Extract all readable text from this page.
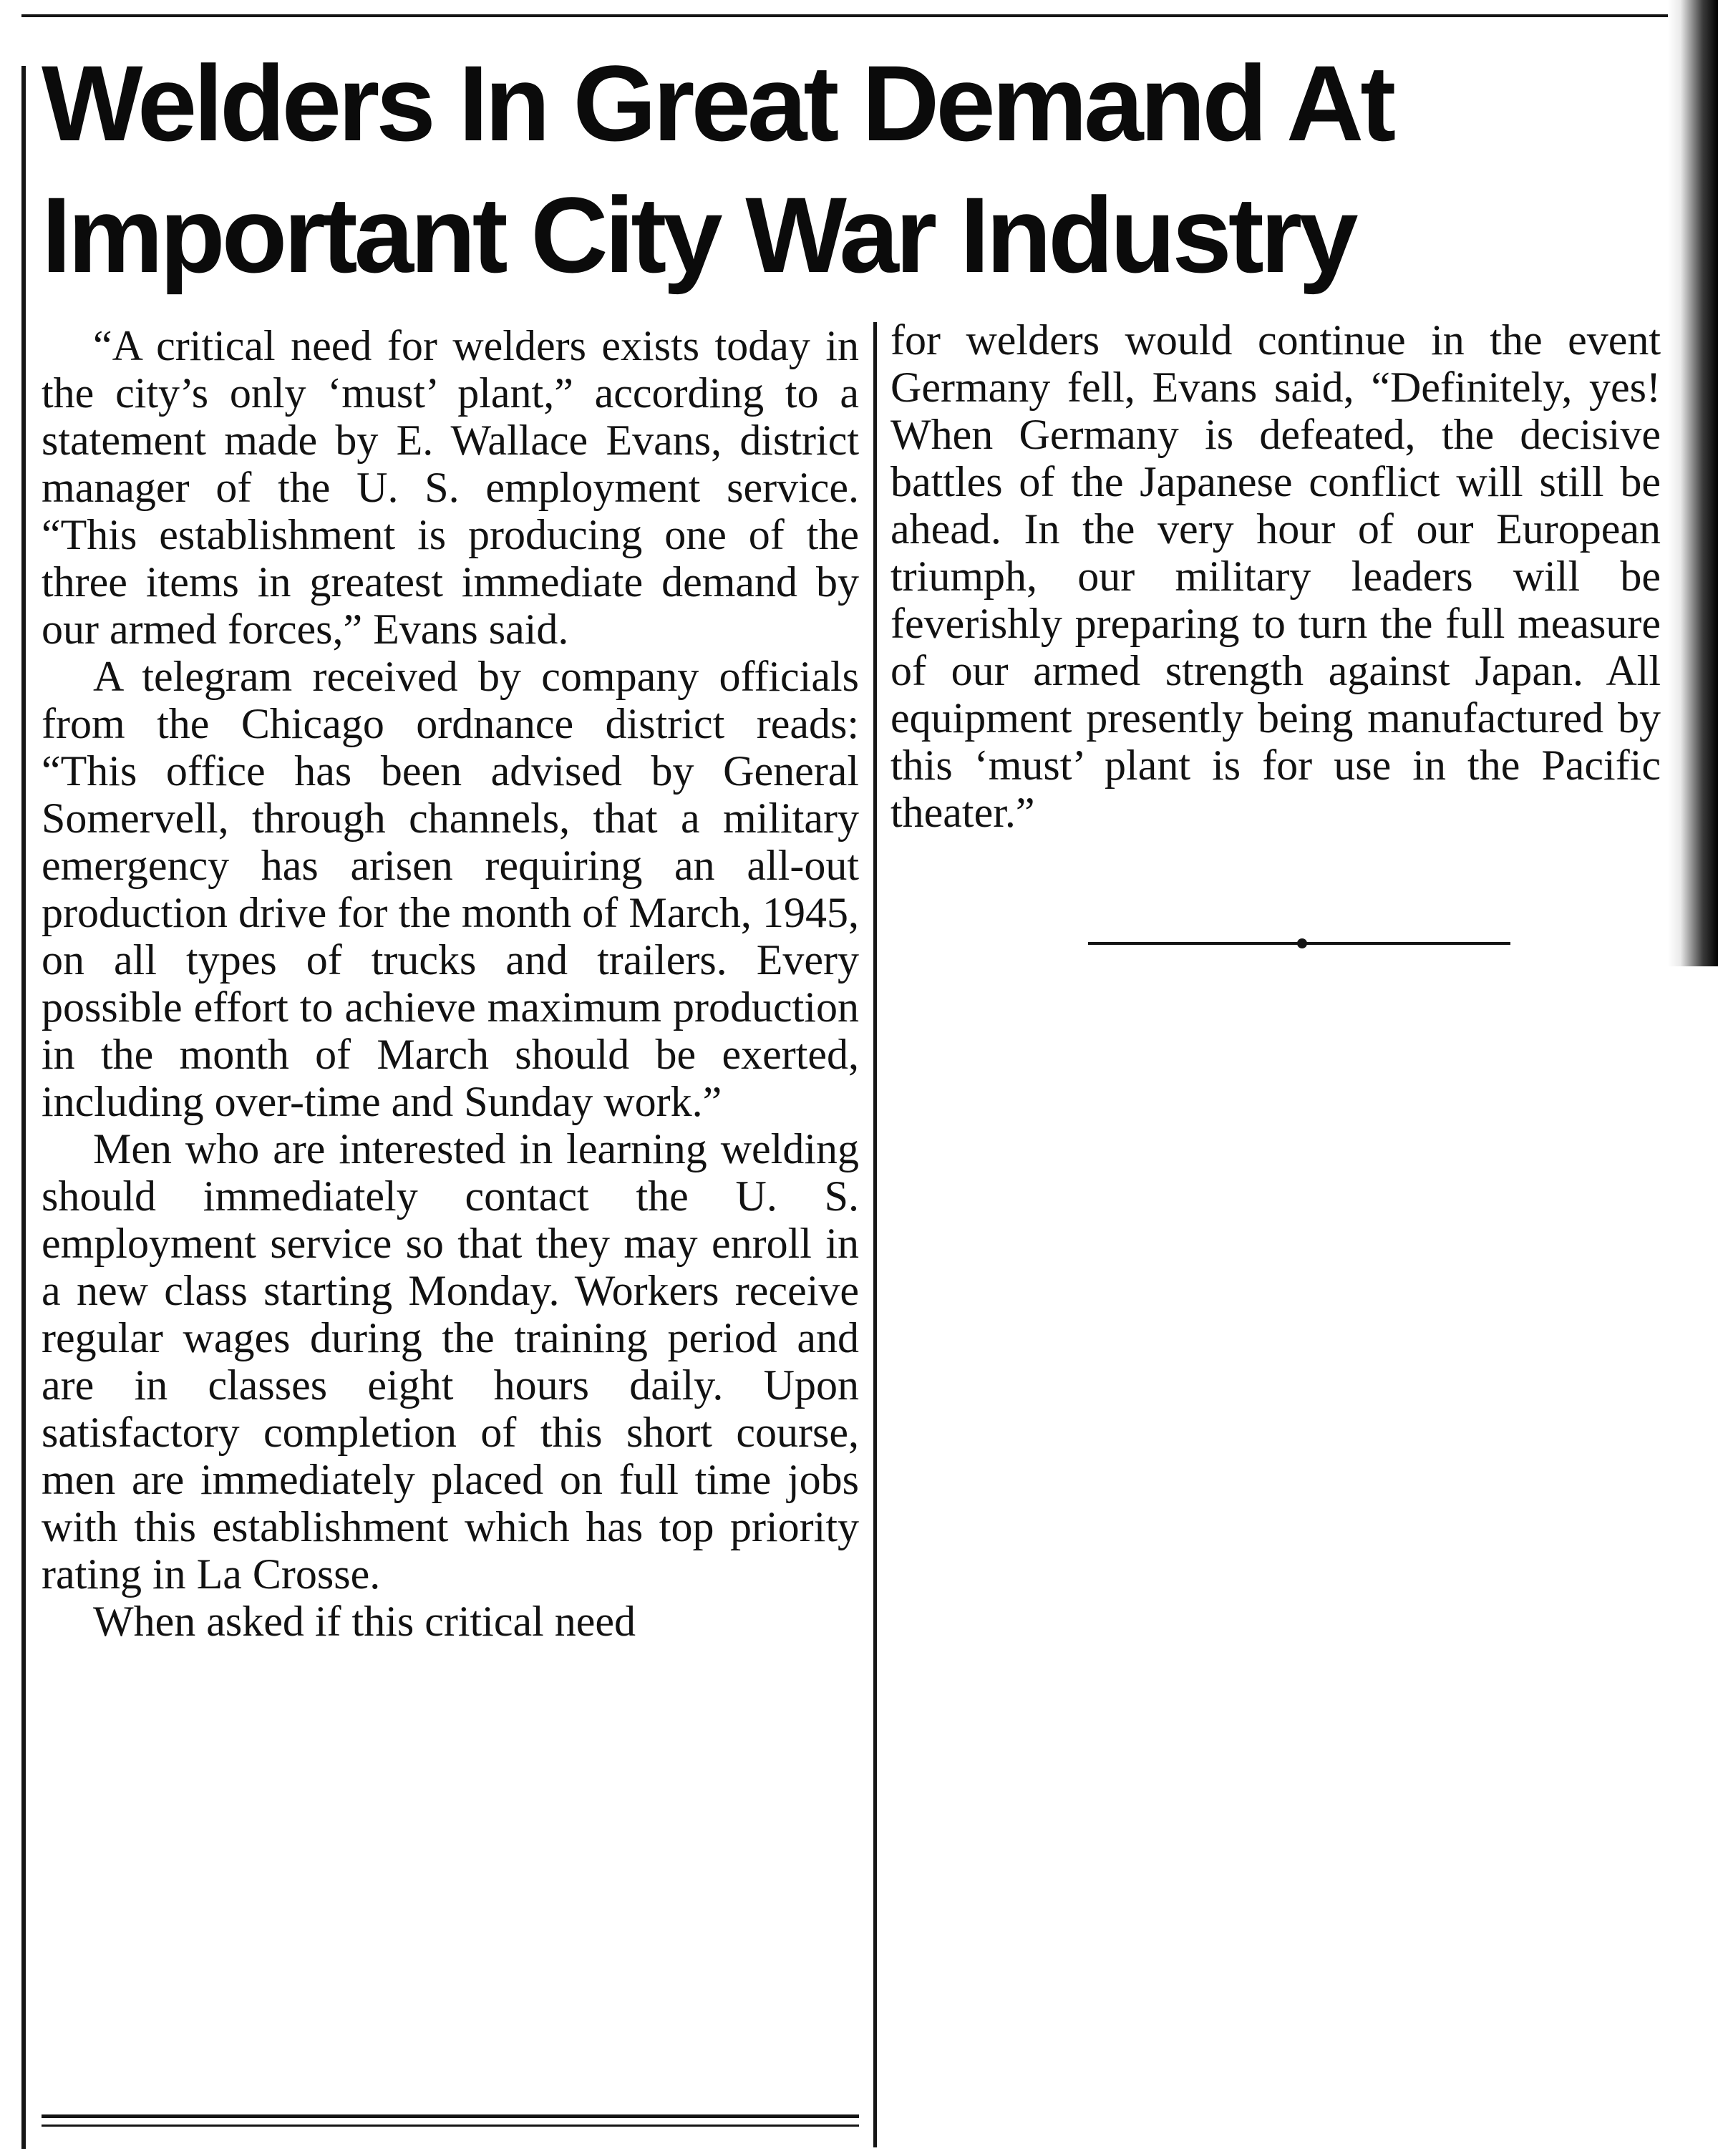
Welders In Great Demand At
Important City War Industry

“A critical need for welders exists today in the city’s only ‘must’ plant,” according to a statement made by E. Wallace Evans, district manager of the U. S. employment service. “This establishment is producing one of the three items in greatest immediate demand by our armed forces,” Evans said.

A telegram received by company officials from the Chicago ordnance district reads: “This office has been advised by General Somervell, through channels, that a military emergency has arisen requiring an all-out production drive for the month of March, 1945, on all types of trucks and trailers. Every possible effort to achieve maximum production in the month of March should be exerted, including over-time and Sunday work.”

Men who are interested in learning welding should immediately contact the U. S. employment service so that they may enroll in a new class starting Monday. Workers receive regular wages during the training period and are in classes eight hours daily. Upon satisfactory completion of this short course, men are immediately placed on full time jobs with this establishment which has top priority rating in La Crosse.

When asked if this critical need

for welders would continue in the event Germany fell, Evans said, “Definitely, yes! When Germany is defeated, the decisive battles of the Japanese conflict will still be ahead. In the very hour of our European triumph, our military leaders will be feverishly preparing to turn the full measure of our armed strength against Japan. All equipment presently being manufactured by this ‘must’ plant is for use in the Pacific theater.”
